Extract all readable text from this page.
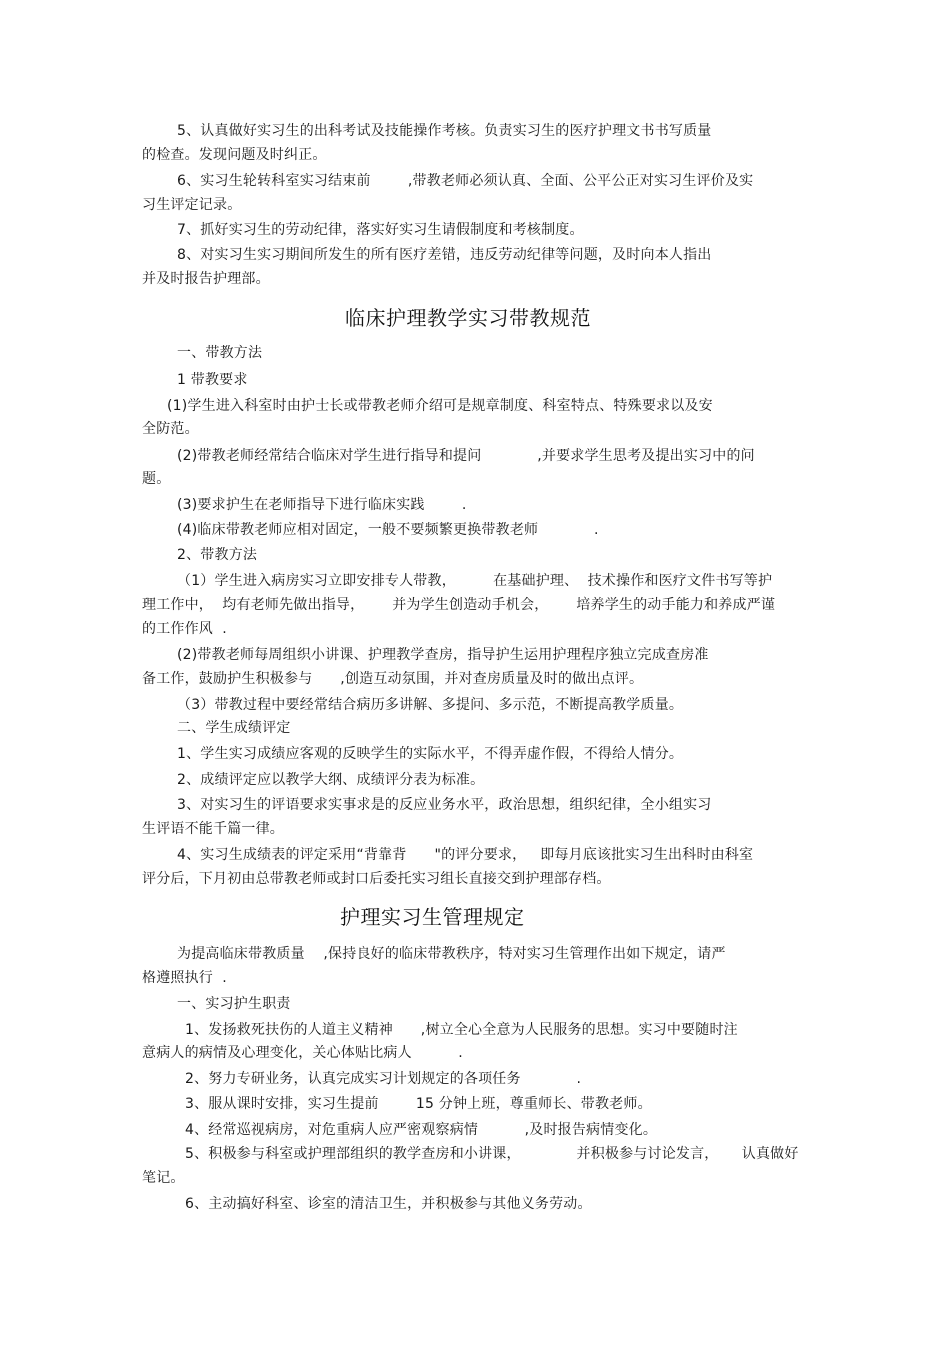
5、认真做好实习生的出科考试及技能操作考核。负责实习生的医疗护理文书书写质量
的检查。发现问题及时纠正。
6、实习生轮转科室实习结束前        ,带教老师必须认真、全面、公平公正对实习生评价及实
习生评定记录。
7、抓好实习生的劳动纪律，落实好实习生请假制度和考核制度。
8、对实习生实习期间所发生的所有医疗差错，违反劳动纪律等问题，及时向本人指出
并及时报告护理部。
临床护理教学实习带教规范
一、带教方法
1 带教要求
(1)学生进入科室时由护士长或带教老师介绍可是规章制度、科室特点、特殊要求以及安
全防范。
(2)带教老师经常结合临床对学生进行指导和提问            ,并要求学生思考及提出实习中的问
题。
(3)要求护生在老师指导下进行临床实践        .
(4)临床带教老师应相对固定，一般不要频繁更换带教老师            .
2、带教方法
（1）学生进入病房实习立即安排专人带教，        在基础护理、  技术操作和医疗文件书写等护
理工作中，  均有老师先做出指导，      并为学生创造动手机会，      培养学生的动手能力和养成严谨
的工作作风  .
(2)带教老师每周组织小讲课、护理教学查房，指导护生运用护理程序独立完成查房准
备工作，鼓励护生积极参与      ,创造互动氛围，并对查房质量及时的做出点评。
（3）带教过程中要经常结合病历多讲解、多提问、多示范，不断提高教学质量。
二、学生成绩评定
1、学生实习成绩应客观的反映学生的实际水平，不得弄虚作假，不得给人情分。
2、成绩评定应以教学大纲、成绩评分表为标准。
3、对实习生的评语要求实事求是的反应业务水平，政治思想，组织纪律，全小组实习
生评语不能千篇一律。
4、实习生成绩表的评定采用“背靠背      "的评分要求，   即每月底该批实习生出科时由科室
评分后，下月初由总带教老师或封口后委托实习组长直接交到护理部存档。
护理实习生管理规定
为提高临床带教质量    ,保持良好的临床带教秩序，特对实习生管理作出如下规定，请严
格遵照执行  .
一、实习护生职责
1、发扬救死扶伤的人道主义精神      ,树立全心全意为人民服务的思想。实习中要随时注
意病人的病情及心理变化，关心体贴比病人          .
2、努力专研业务，认真完成实习计划规定的各项任务            .
3、服从课时安排，实习生提前        15 分钟上班，尊重师长、带教老师。
4、经常巡视病房，对危重病人应严密观察病情          ,及时报告病情变化。
5、积极参与科室或护理部组织的教学查房和小讲课，            并积极参与讨论发言，     认真做好
笔记。
6、主动搞好科室、诊室的清洁卫生，并积极参与其他义务劳动。
